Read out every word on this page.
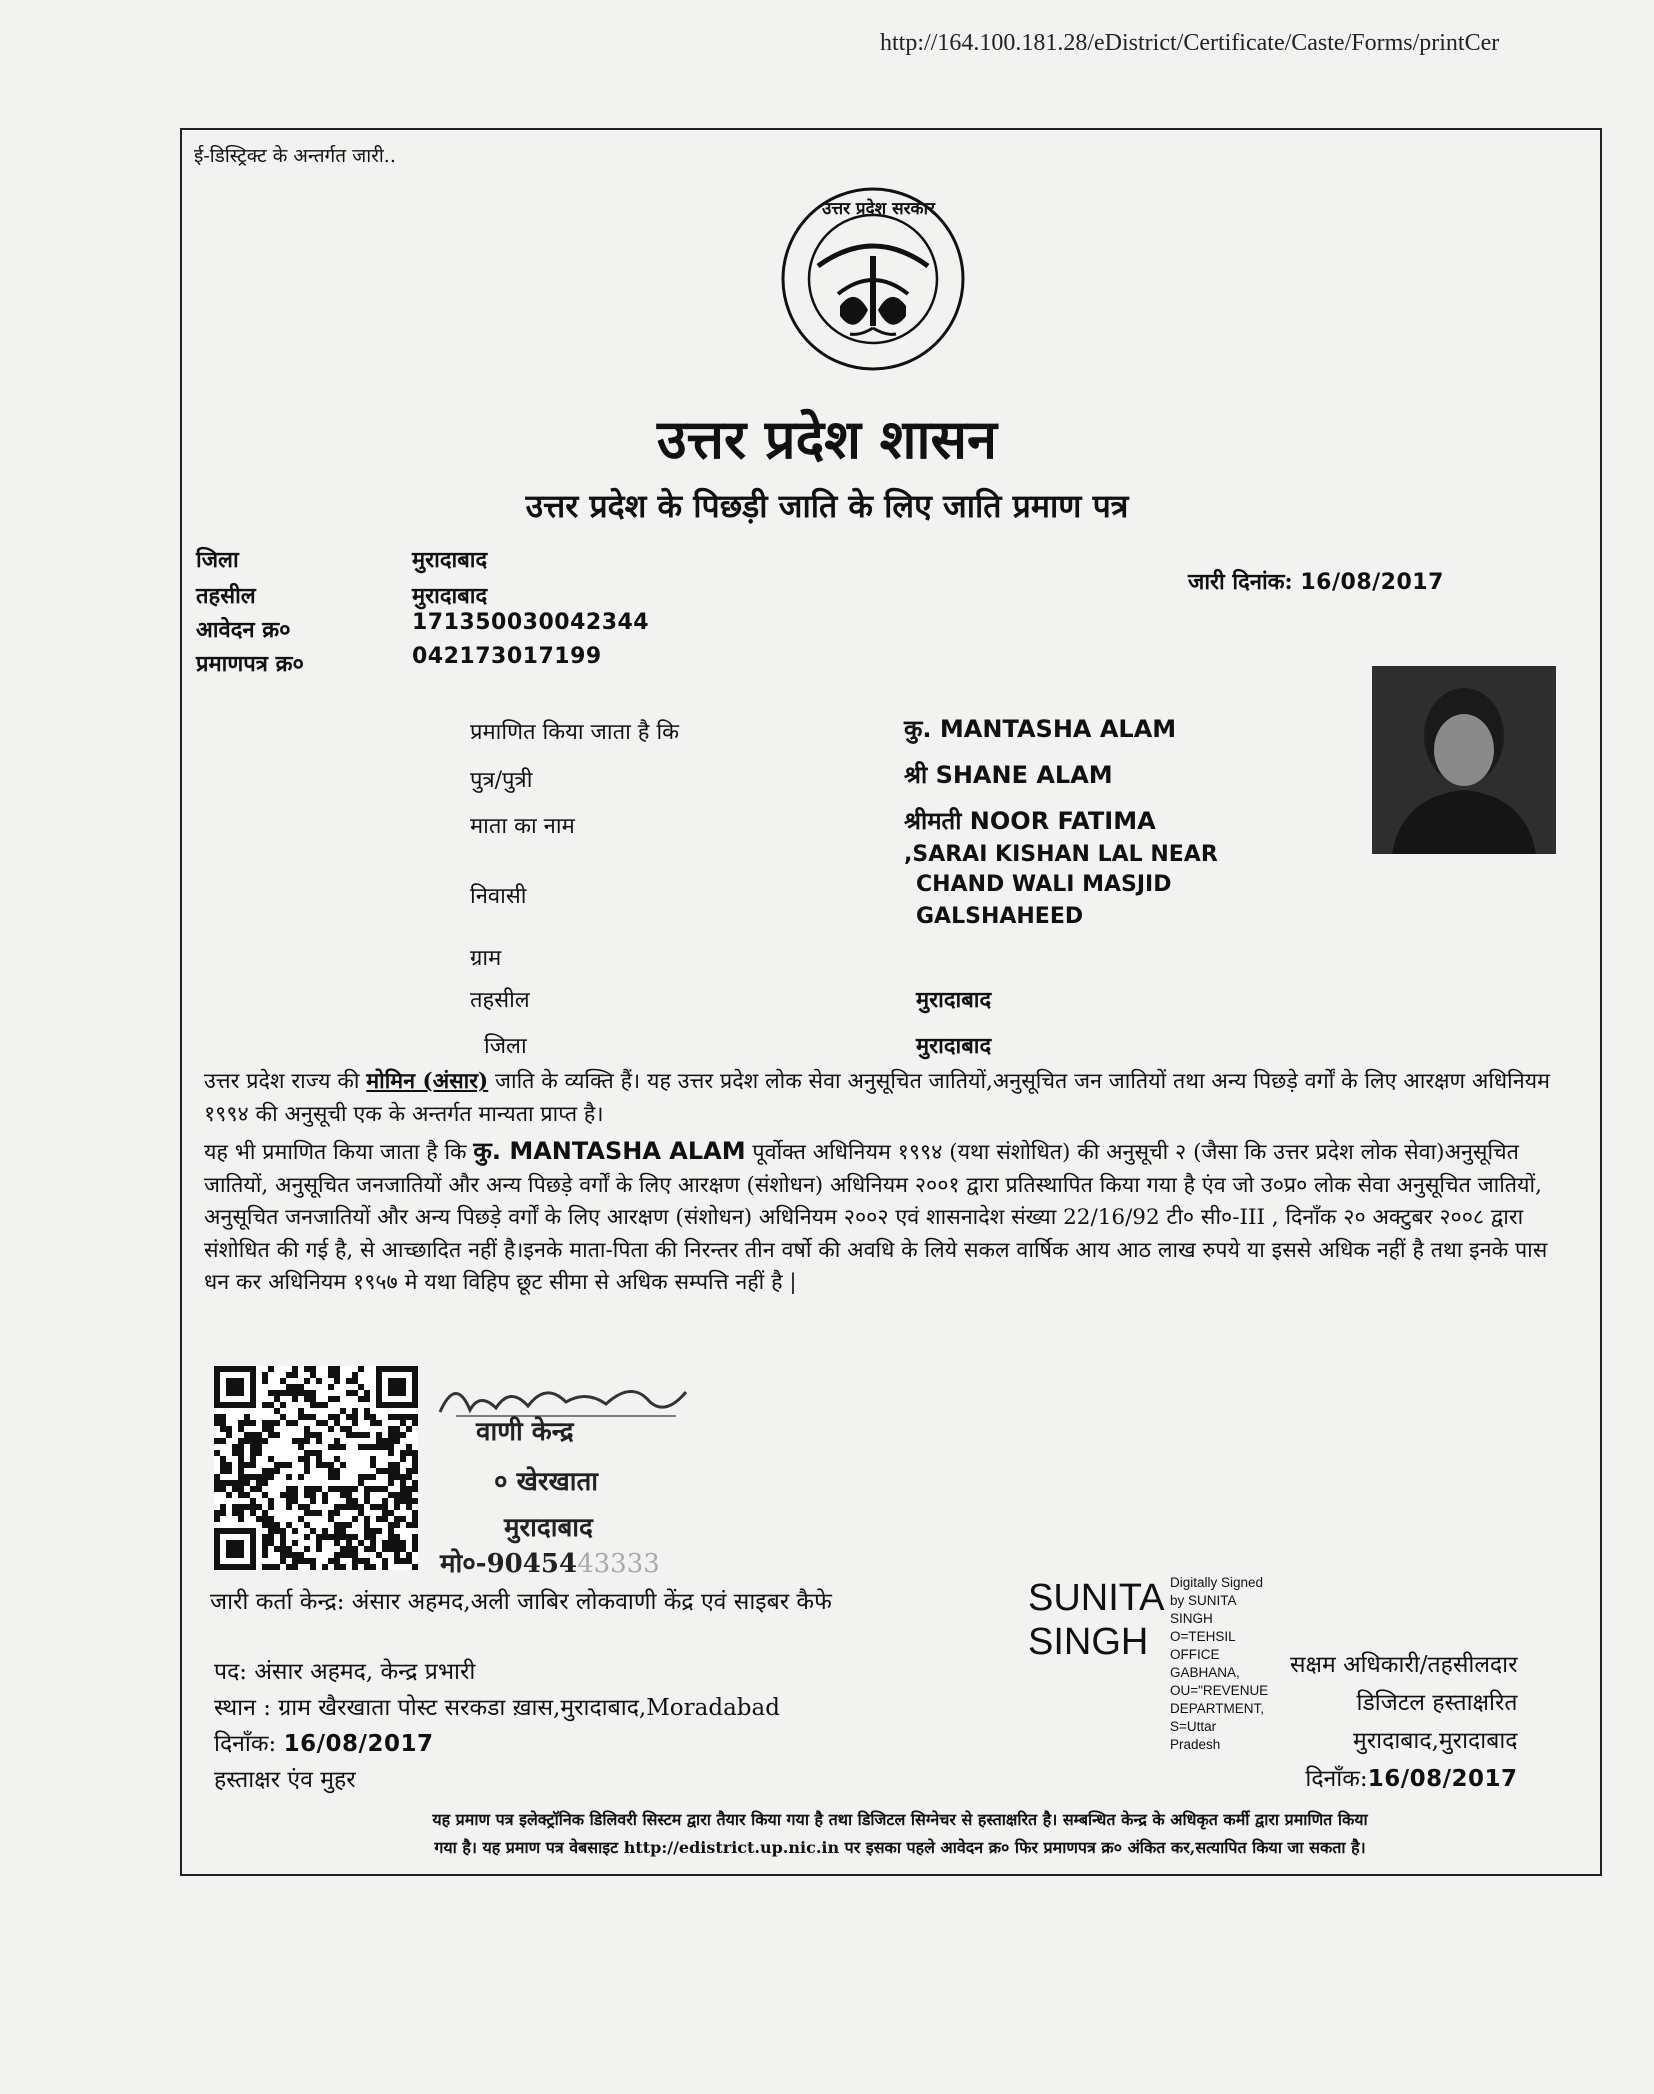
http://164.100.181.28/eDistrict/Certificate/Caste/Forms/printCer
ई-डिस्ट्रिक्ट के अन्तर्गत जारी..
उत्तर प्रदेश सरकार
उत्तर प्रदेश शासन
उत्तर प्रदेश के पिछड़ी जाति के लिए जाति प्रमाण पत्र
जिला	मुरादाबाद
तहसील	मुरादाबाद
आवेदन क्र०	171350030042344
प्रमाणपत्र क्र०	042173017199
जारी दिनांक: 16/08/2017
प्रमाणित किया जाता है कि	कु. MANTASHA ALAM
पुत्र/पुत्री	श्री SHANE ALAM
माता का नाम	श्रीमती NOOR FATIMA
,SARAI KISHAN LAL NEAR
निवासी	CHAND WALI MASJID
GALSHAHEED
ग्राम
तहसील	मुरादाबाद
जिला	मुरादाबाद

उत्तर प्रदेश राज्य की मोमिन (अंसार) जाति के व्यक्ति हैं। यह उत्तर प्रदेश लोक सेवा अनुसूचित जातियों,अनुसूचित जन जातियों तथा अन्य पिछड़े वर्गों के लिए आरक्षण अधिनियम १९९४ की अनुसूची एक के अन्तर्गत मान्यता प्राप्त है।

यह भी प्रमाणित किया जाता है कि कु. MANTASHA ALAM पूर्वोक्त अधिनियम १९९४ (यथा संशोधित) की अनुसूची २ (जैसा कि उत्तर प्रदेश लोक सेवा)अनुसूचित जातियों, अनुसूचित जनजातियों और अन्य पिछड़े वर्गों के लिए आरक्षण (संशोधन) अधिनियम २००१ द्वारा प्रतिस्थापित किया गया है एंव जो उ०प्र० लोक सेवा अनुसूचित जातियों, अनुसूचित जनजातियों और अन्य पिछड़े वर्गों के लिए आरक्षण (संशोधन) अधिनियम २००२ एवं शासनादेश संख्या 22/16/92 टी० सी०-III , दिनाँक २० अक्टुबर २००८ द्वारा संशोधित की गई है, से आच्छादित नहीं है।इनके माता-पिता की निरन्तर तीन वर्षो की अवधि के लिये सकल वार्षिक आय आठ लाख रुपये या इससे अधिक नहीं है तथा इनके पास धन कर अधिनियम १९५७ मे यथा विहिप छूट सीमा से अधिक सम्पत्ति नहीं है |

वाणी केन्द्र
० खेरखाता
मुरादाबाद
मो०-9045443333
जारी कर्ता केन्द्र: अंसार अहमद,अली जाबिर लोकवाणी केंद्र एवं साइबर कैफे	SUNITA
SINGH
Digitally Signed
by SUNITA
SINGH
O=TEHSIL
OFFICE
GABHANA,
OU="REVENUE
DEPARTMENT,
S=Uttar
Pradesh
सक्षम अधिकारी/तहसीलदार
डिजिटल हस्ताक्षरित
मुरादाबाद,मुरादाबाद
दिनाँक:16/08/2017
पद: अंसार अहमद, केन्द्र प्रभारी
स्थान : ग्राम खैरखाता पोस्ट सरकडा ख़ास,मुरादाबाद,Moradabad
दिनाँक: 16/08/2017
हस्ताक्षर एंव मुहर
यह प्रमाण पत्र इलेक्ट्रॉनिक डिलिवरी सिस्टम द्वारा तैयार किया गया है तथा डिजिटल सिग्नेचर से हस्ताक्षरित है। सम्बन्धित केन्द्र के अधिकृत कर्मी द्वारा प्रमाणित किया
गया है। यह प्रमाण पत्र वेबसाइट http://edistrict.up.nic.in पर इसका पहले आवेदन क्र० फिर प्रमाणपत्र क्र० अंकित कर,सत्यापित किया जा सकता है।
